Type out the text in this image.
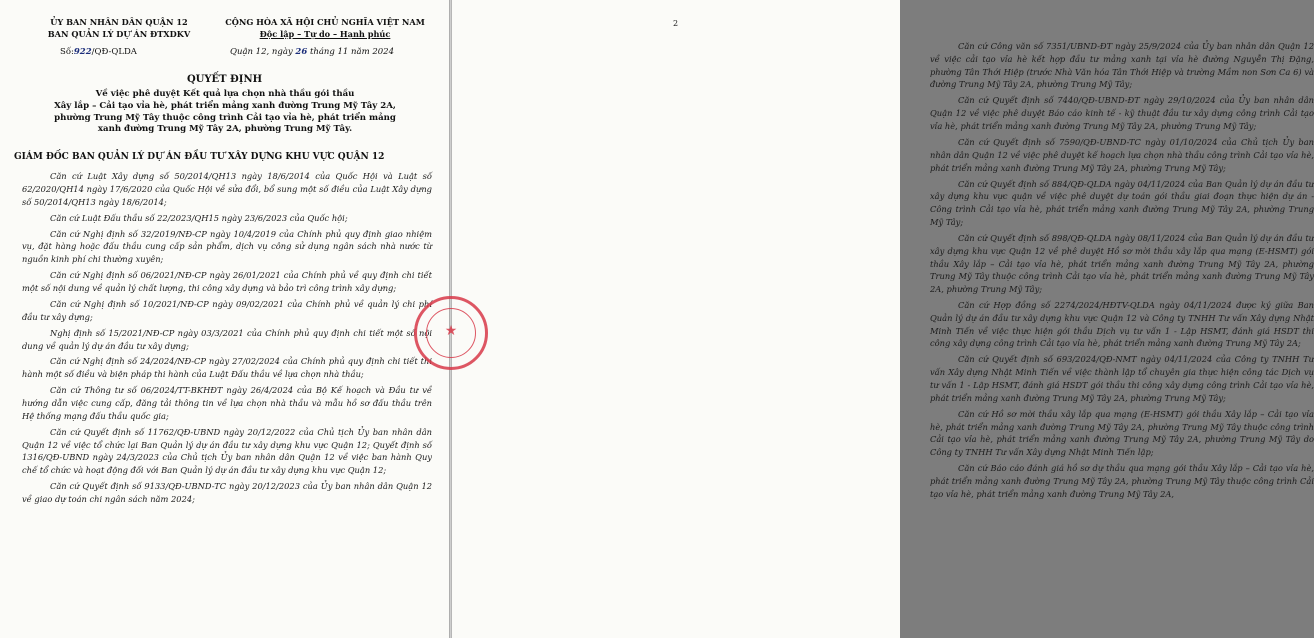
ỦY BAN NHÂN DÂN QUẬN 12
BAN QUẢN LÝ DỰ ÁN ĐTXDKV
CỘNG HÒA XÃ HỘI CHỦ NGHĨA VIỆT NAM
Độc lập – Tự do – Hạnh phúc
Số:922/QĐ-QLDA	Quận 12, ngày 26 tháng 11 năm 2024
QUYẾT ĐỊNH
Về việc phê duyệt Kết quả lựa chọn nhà thầu gói thầu
Xây lắp – Cải tạo vỉa hè, phát triển mảng xanh đường Trung Mỹ Tây 2A,
phường Trung Mỹ Tây thuộc công trình Cải tạo vỉa hè, phát triển mảng
xanh đường Trung Mỹ Tây 2A, phường Trung Mỹ Tây.
GIÁM ĐỐC BAN QUẢN LÝ DỰ ÁN ĐẦU TƯ XÂY DỰNG KHU VỰC QUẬN 12

Căn cứ Luật Xây dựng số 50/2014/QH13 ngày 18/6/2014 của Quốc Hội và Luật số 62/2020/QH14 ngày 17/6/2020 của Quốc Hội về sửa đổi, bổ sung một số điều của Luật Xây dựng số 50/2014/QH13 ngày 18/6/2014;

Căn cứ Luật Đấu thầu số 22/2023/QH15 ngày 23/6/2023 của Quốc hội;

Căn cứ Nghị định số 32/2019/NĐ-CP ngày 10/4/2019 của Chính phủ quy định giao nhiệm vụ, đặt hàng hoặc đấu thầu cung cấp sản phẩm, dịch vụ công sử dụng ngân sách nhà nước từ nguồn kinh phí chi thường xuyên;

Căn cứ Nghị định số 06/2021/NĐ-CP ngày 26/01/2021 của Chính phủ về quy định chi tiết một số nội dung về quản lý chất lượng, thi công xây dựng và bảo trì công trình xây dựng;

Căn cứ Nghị định số 10/2021/NĐ-CP ngày 09/02/2021 của Chính phủ về quản lý chi phí đầu tư xây dựng;

Nghị định số 15/2021/NĐ-CP ngày 03/3/2021 của Chính phủ quy định chi tiết một số nội dung về quản lý dự án đầu tư xây dựng;

Căn cứ Nghị định số 24/2024/NĐ-CP ngày 27/02/2024 của Chính phủ quy định chi tiết thi hành một số điều và biện pháp thi hành của Luật Đấu thầu về lựa chọn nhà thầu;

Căn cứ Thông tư số 06/2024/TT-BKHĐT ngày 26/4/2024 của Bộ Kế hoạch và Đầu tư về hướng dẫn việc cung cấp, đăng tải thông tin về lựa chọn nhà thầu và mẫu hồ sơ đấu thầu trên Hệ thống mạng đấu thầu quốc gia;

Căn cứ Quyết định số 11762/QĐ-UBND ngày 20/12/2022 của Chủ tịch Ủy ban nhân dân Quận 12 về việc tổ chức lại Ban Quản lý dự án đầu tư xây dựng khu vực Quận 12; Quyết định số 1316/QĐ-UBND ngày 24/3/2023 của Chủ tịch Ủy ban nhân dân Quận 12 về việc ban hành Quy chế tổ chức và hoạt động đối với Ban Quản lý dự án đầu tư xây dựng khu vực Quận 12;

Căn cứ Quyết định số 9133/QĐ-UBND-TC ngày 20/12/2023 của Ủy ban nhân dân Quận 12 về giao dự toán chi ngân sách năm 2024;

Căn cứ Công văn số 7351/UBND-ĐT ngày 25/9/2024 của Ủy ban nhân dân Quận 12 về việc cải tạo vỉa hè kết hợp đầu tư mảng xanh tại vỉa hè đường Nguyễn Thị Đặng, phường Tân Thới Hiệp (trước Nhà Văn hóa Tân Thới Hiệp và trường Mầm non Sơn Ca 6) và đường Trung Mỹ Tây 2A, phường Trung Mỹ Tây;

Căn cứ Quyết định số 7440/QĐ-UBND-ĐT ngày 29/10/2024 của Ủy ban nhân dân Quận 12 về việc phê duyệt Báo cáo kinh tế - kỹ thuật đầu tư xây dựng công trình Cải tạo vỉa hè, phát triển mảng xanh đường Trung Mỹ Tây 2A, phường Trung Mỹ Tây;

Căn cứ Quyết định số 7590/QĐ-UBND-TC ngày 01/10/2024 của Chủ tịch Ủy ban nhân dân Quận 12 về việc phê duyệt kế hoạch lựa chọn nhà thầu công trình Cải tạo vỉa hè, phát triển mảng xanh đường Trung Mỹ Tây 2A, phường Trung Mỹ Tây;

Căn cứ Quyết định số 884/QĐ-QLDA ngày 04/11/2024 của Ban Quản lý dự án đầu tư xây dựng khu vực quận về việc phê duyệt dự toán gói thầu giai đoạn thực hiện dự án - Công trình Cải tạo vỉa hè, phát triển mảng xanh đường Trung Mỹ Tây 2A, phường Trung Mỹ Tây;

Căn cứ Quyết định số 898/QĐ-QLDA ngày 08/11/2024 của Ban Quản lý dự án đầu tư xây dựng khu vực Quận 12 về phê duyệt Hồ sơ mời thầu xây lắp qua mạng (E-HSMT) gói thầu Xây lắp – Cải tạo vỉa hè, phát triển mảng xanh đường Trung Mỹ Tây 2A, phường Trung Mỹ Tây thuộc công trình Cải tạo vỉa hè, phát triển mảng xanh đường Trung Mỹ Tây 2A, phường Trung Mỹ Tây;

Căn cứ Hợp đồng số 2274/2024/HĐTV-QLDA ngày 04/11/2024 được ký giữa Ban Quản lý dự án đầu tư xây dựng khu vực Quận 12 và Công ty TNHH Tư vấn Xây dựng Nhật Minh Tiến về việc thực hiện gói thầu Dịch vụ tư vấn 1 - Lập HSMT, đánh giá HSDT thi công xây dựng công trình Cải tạo vỉa hè, phát triển mảng xanh đường Trung Mỹ Tây 2A;

Căn cứ Quyết định số 693/2024/QĐ-NMT ngày 04/11/2024 của Công ty TNHH Tư vấn Xây dựng Nhật Minh Tiến về việc thành lập tổ chuyên gia thực hiện công tác Dịch vụ tư vấn 1 - Lập HSMT, đánh giá HSDT gói thầu thi công xây dựng công trình Cải tạo vỉa hè, phát triển mảng xanh đường Trung Mỹ Tây 2A, phường Trung Mỹ Tây;

Căn cứ Hồ sơ mời thầu xây lắp qua mạng (E-HSMT) gói thầu Xây lắp – Cải tạo vỉa hè, phát triển mảng xanh đường Trung Mỹ Tây 2A, phường Trung Mỹ Tây thuộc công trình Cải tạo vỉa hè, phát triển mảng xanh đường Trung Mỹ Tây 2A, phường Trung Mỹ Tây do Công ty TNHH Tư vấn Xây dựng Nhật Minh Tiến lập;

Căn cứ Báo cáo đánh giá hồ sơ dự thầu qua mạng gói thầu Xây lắp – Cải tạo vỉa hè, phát triển mảng xanh đường Trung Mỹ Tây 2A, phường Trung Mỹ Tây thuộc công trình Cải tạo vỉa hè, phát triển mảng xanh đường Trung Mỹ Tây 2A,

2
★
